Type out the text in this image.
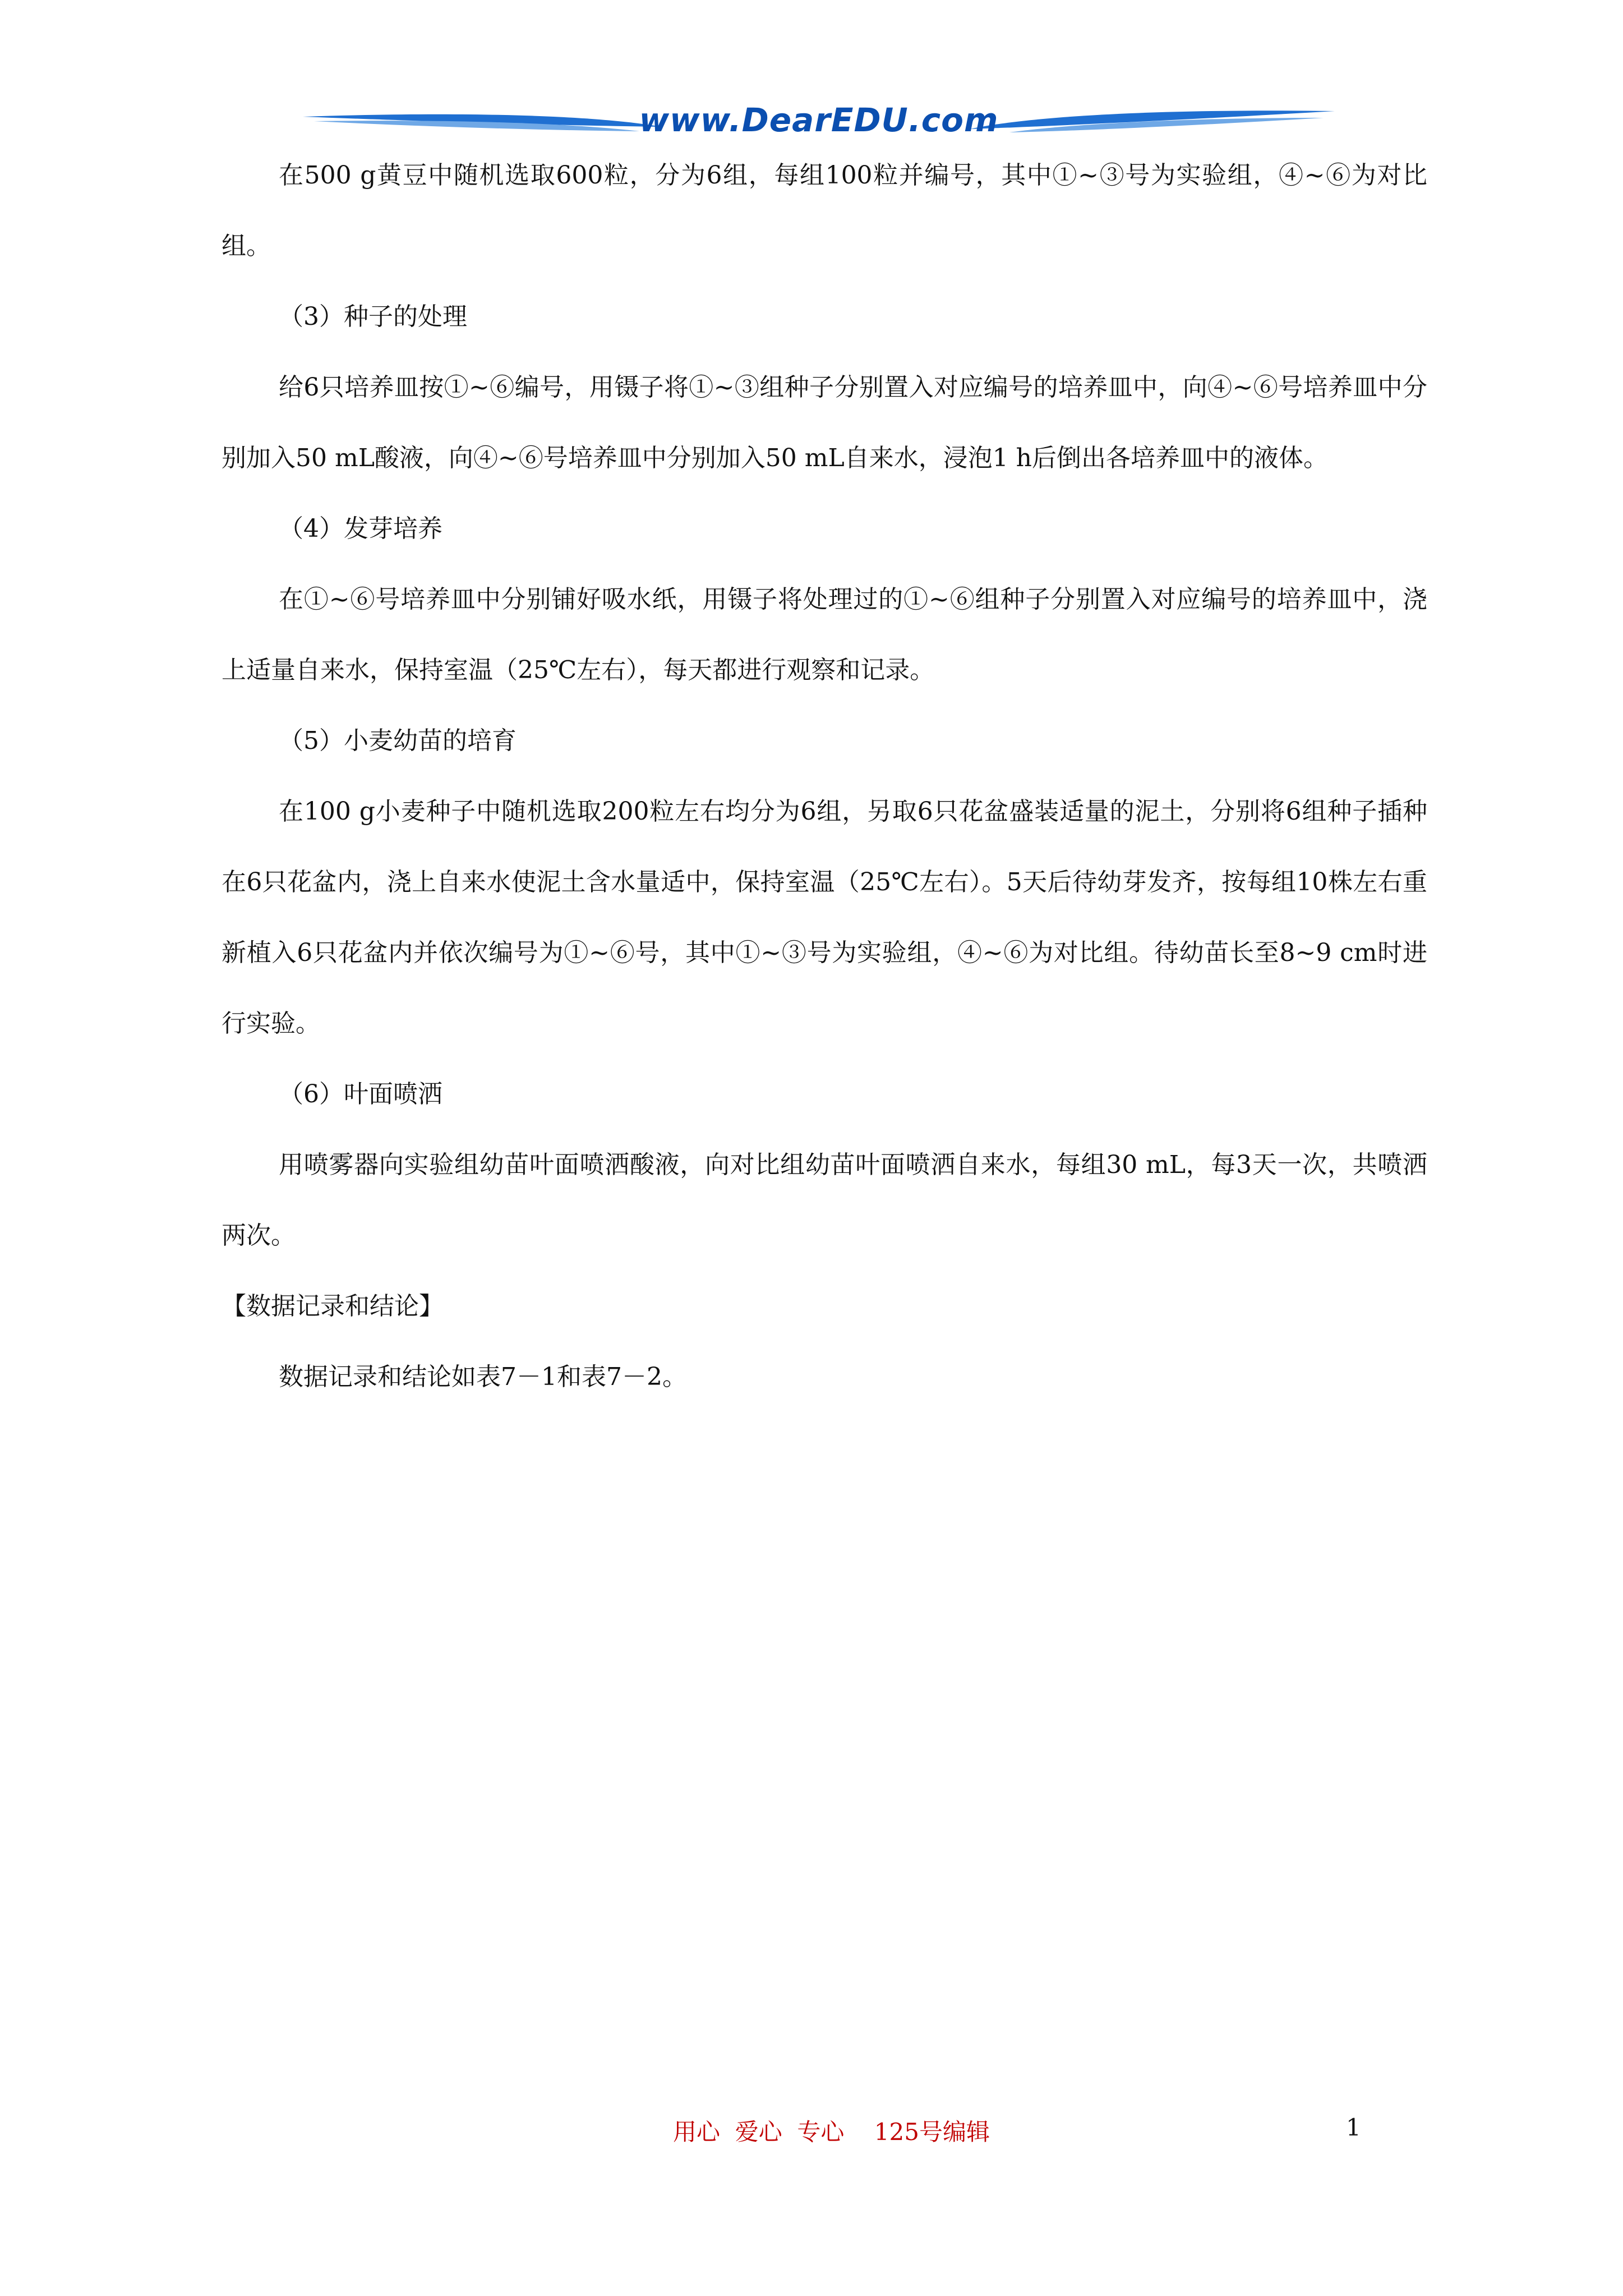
www.DearEDU.com

在500 g黄豆中随机选取600粒，分为6组，每组100粒并编号，其中①~③号为实验组，④~⑥为对比组。

（3）种子的处理

给6只培养皿按①~⑥编号，用镊子将①~③组种子分别置入对应编号的培养皿中，向④~⑥号培养皿中分别加入50 mL酸液，向④~⑥号培养皿中分别加入50 mL自来水，浸泡1 h后倒出各培养皿中的液体。

（4）发芽培养

在①~⑥号培养皿中分别铺好吸水纸，用镊子将处理过的①~⑥组种子分别置入对应编号的培养皿中，浇上适量自来水，保持室温（25℃左右），每天都进行观察和记录。

（5）小麦幼苗的培育

在100 g小麦种子中随机选取200粒左右均分为6组，另取6只花盆盛装适量的泥土，分别将6组种子插种在6只花盆内，浇上自来水使泥土含水量适中，保持室温（25℃左右）。5天后待幼芽发齐，按每组10株左右重新植入6只花盆内并依次编号为①~⑥号，其中①~③号为实验组，④~⑥为对比组。待幼苗长至8~9 cm时进行实验。

（6）叶面喷洒

用喷雾器向实验组幼苗叶面喷洒酸液，向对比组幼苗叶面喷洒自来水，每组30 mL，每3天一次，共喷洒两次。

【数据记录和结论】

数据记录和结论如表7－1和表7－2。

用心  爱心  专心    125号编辑	1
